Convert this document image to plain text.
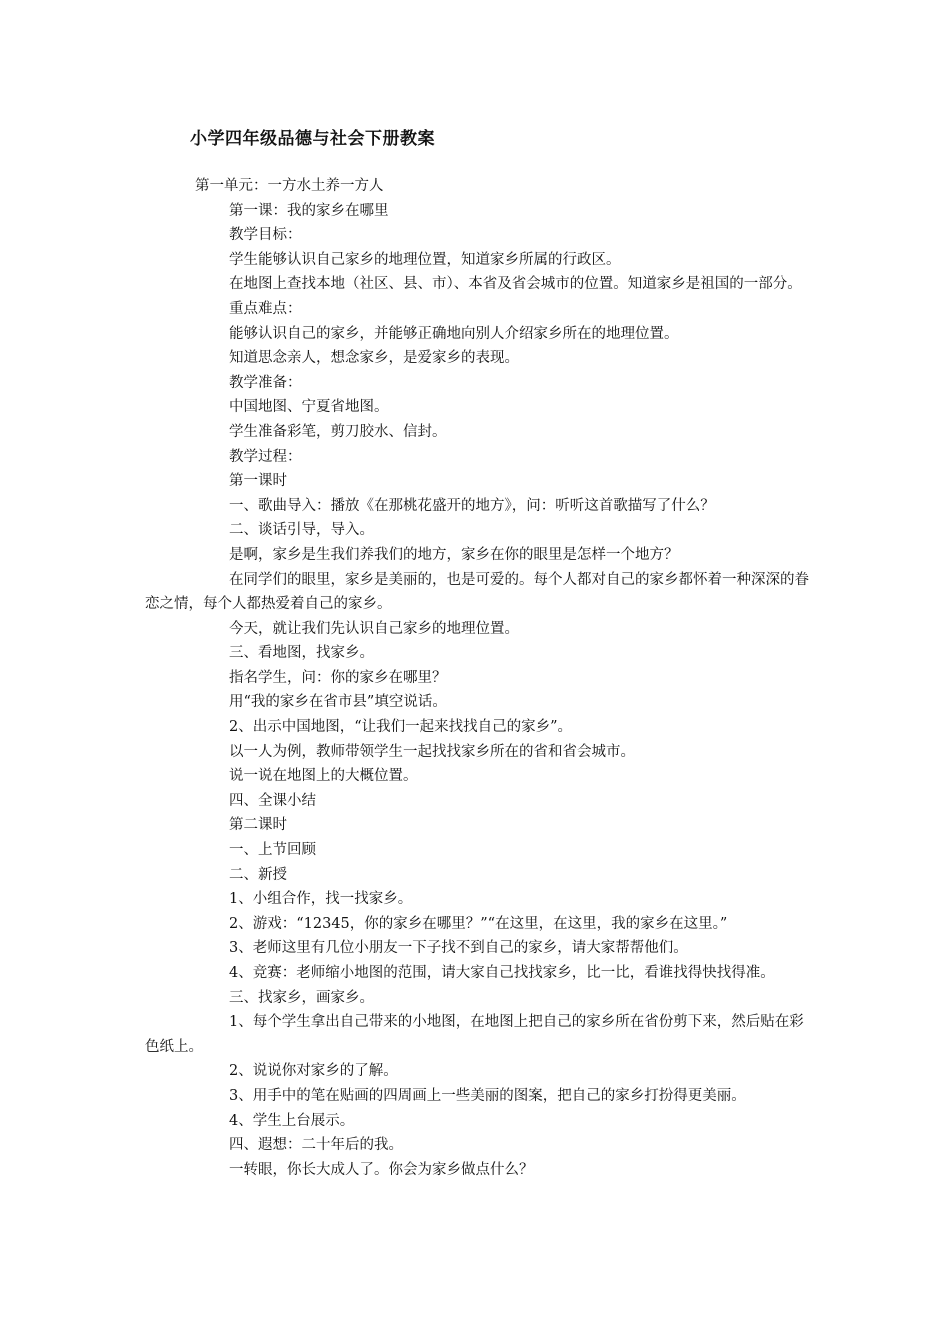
小学四年级品德与社会下册教案

第一单元：一方水土养一方人

第一课：我的家乡在哪里

教学目标：

学生能够认识自己家乡的地理位置，知道家乡所属的行政区。

在地图上查找本地（社区、县、市）、本省及省会城市的位置。知道家乡是祖国的一部分。

重点难点：

能够认识自己的家乡，并能够正确地向别人介绍家乡所在的地理位置。

知道思念亲人，想念家乡，是爱家乡的表现。

教学准备：

中国地图、宁夏省地图。

学生准备彩笔，剪刀胶水、信封。

教学过程：

第一课时

一、歌曲导入：播放《在那桃花盛开的地方》，问：听听这首歌描写了什么？

二、谈话引导，导入。

是啊，家乡是生我们养我们的地方，家乡在你的眼里是怎样一个地方？

在同学们的眼里，家乡是美丽的，也是可爱的。每个人都对自己的家乡都怀着一种深深的眷恋之情，每个人都热爱着自己的家乡。

今天，就让我们先认识自己家乡的地理位置。

三、看地图，找家乡。

指名学生，问：你的家乡在哪里？

用“我的家乡在省市县”填空说话。

2、出示中国地图，“让我们一起来找找自己的家乡”。

以一人为例，教师带领学生一起找找家乡所在的省和省会城市。

说一说在地图上的大概位置。

四、全课小结

第二课时

一、上节回顾

二、新授

1、小组合作，找一找家乡。

2、游戏：“12345，你的家乡在哪里？”“在这里，在这里，我的家乡在这里。”

3、老师这里有几位小朋友一下子找不到自己的家乡，请大家帮帮他们。

4、竞赛：老师缩小地图的范围，请大家自己找找家乡，比一比，看谁找得快找得准。

三、找家乡，画家乡。

1、每个学生拿出自己带来的小地图，在地图上把自己的家乡所在省份剪下来，然后贴在彩色纸上。

2、说说你对家乡的了解。

3、用手中的笔在贴画的四周画上一些美丽的图案，把自己的家乡打扮得更美丽。

4、学生上台展示。

四、遐想：二十年后的我。

一转眼，你长大成人了。你会为家乡做点什么？
